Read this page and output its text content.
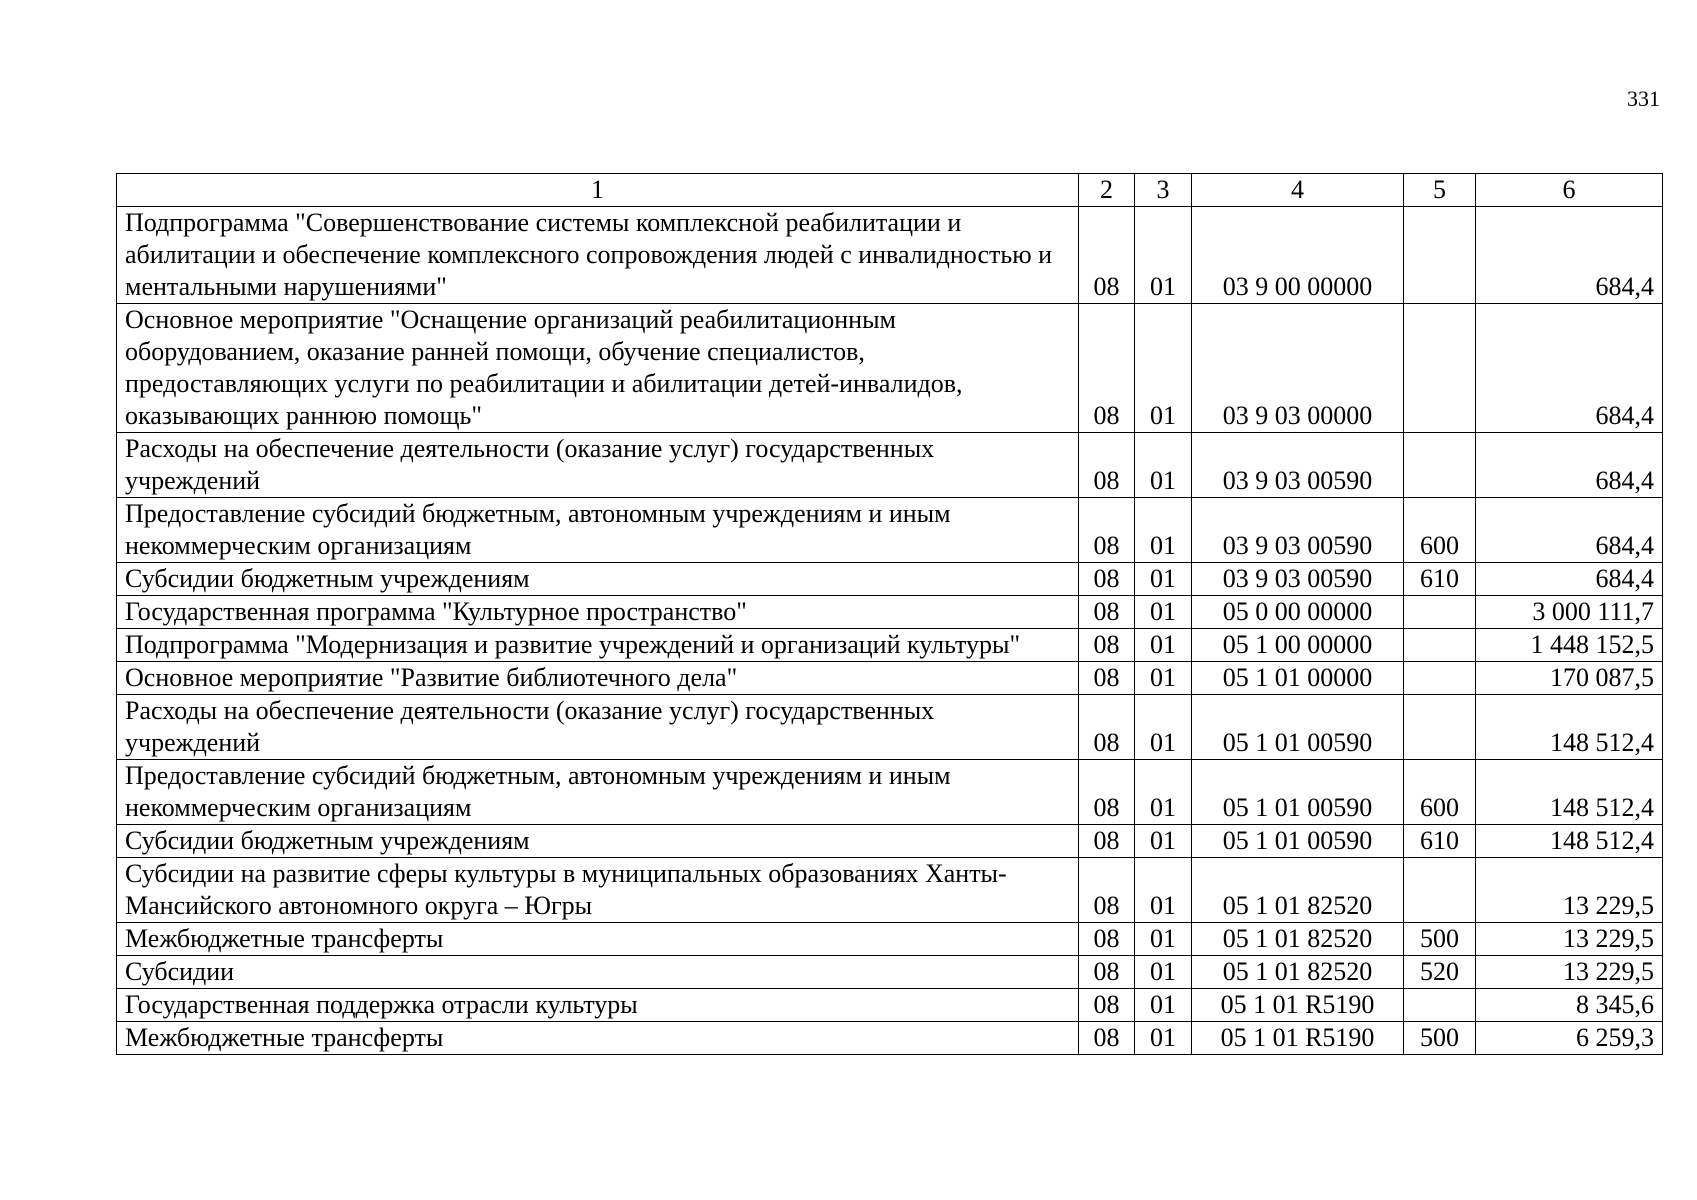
331
1	2	3	4	5	6
Подпрограмма "Совершенствование системы комплексной реабилитации и абилитации и обеспечение комплексного сопровождения людей с инвалидностью и ментальными нарушениями"	08	01	03 9 00 00000		684,4
Основное мероприятие "Оснащение организаций реабилитационным оборудованием, оказание ранней помощи, обучение специалистов, предоставляющих услуги по реабилитации и абилитации детей-инвалидов, оказывающих раннюю помощь"	08	01	03 9 03 00000		684,4
Расходы на обеспечение деятельности (оказание услуг) государственных учреждений	08	01	03 9 03 00590		684,4
Предоставление субсидий бюджетным, автономным учреждениям и иным некоммерческим организациям	08	01	03 9 03 00590	600	684,4
Субсидии бюджетным учреждениям	08	01	03 9 03 00590	610	684,4
Государственная программа "Культурное пространство"	08	01	05 0 00 00000		3 000 111,7
Подпрограмма "Модернизация и развитие учреждений и организаций культуры"	08	01	05 1 00 00000		1 448 152,5
Основное мероприятие "Развитие библиотечного дела"	08	01	05 1 01 00000		170 087,5
Расходы на обеспечение деятельности (оказание услуг) государственных учреждений	08	01	05 1 01 00590		148 512,4
Предоставление субсидий бюджетным, автономным учреждениям и иным некоммерческим организациям	08	01	05 1 01 00590	600	148 512,4
Субсидии бюджетным учреждениям	08	01	05 1 01 00590	610	148 512,4
Субсидии на развитие сферы культуры в муниципальных образованиях Ханты-Мансийского автономного округа – Югры	08	01	05 1 01 82520		13 229,5
Межбюджетные трансферты	08	01	05 1 01 82520	500	13 229,5
Субсидии	08	01	05 1 01 82520	520	13 229,5
Государственная поддержка отрасли культуры	08	01	05 1 01 R5190		8 345,6
Межбюджетные трансферты	08	01	05 1 01 R5190	500	6 259,3
